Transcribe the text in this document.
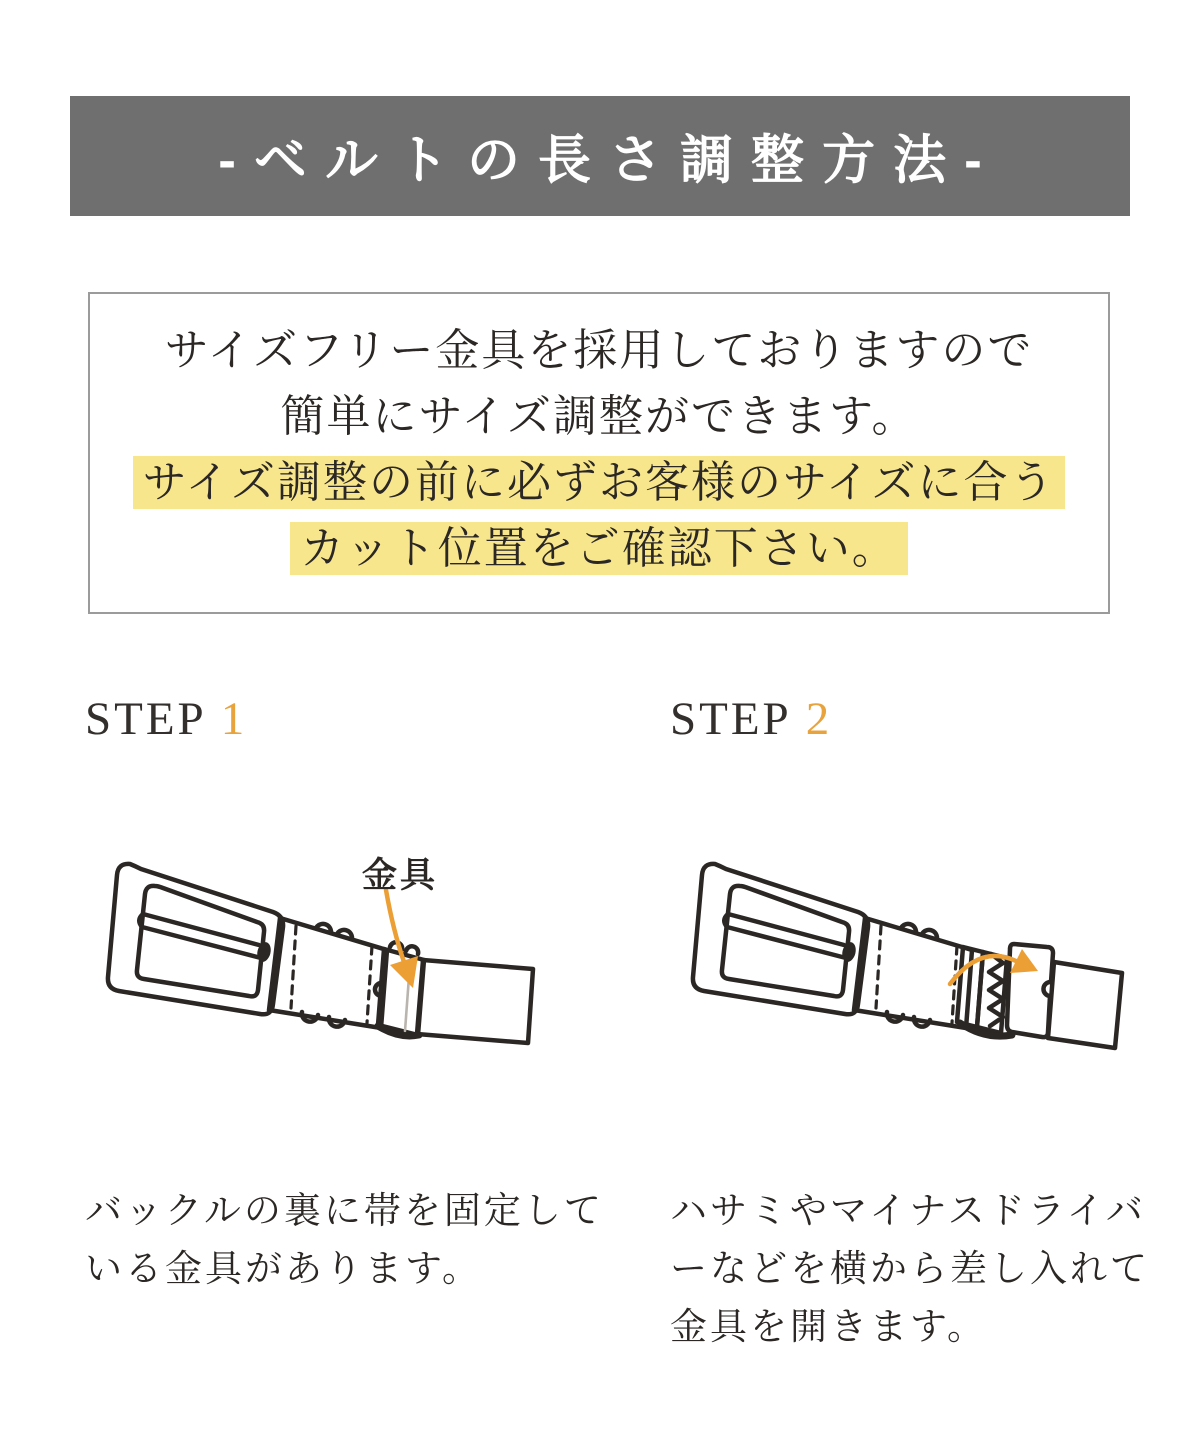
-ベルトの長さ調整方法-
サイズフリー金具を採用しておりますので
簡単にサイズ調整ができます。
サイズ調整の前に必ずお客様のサイズに合う
カット位置をご確認下さい。
STEP 1	STEP 2
金具
バックルの裏に帯を固定して
いる金具があります。
ハサミやマイナスドライバ
ーなどを横から差し入れて
金具を開きます。
